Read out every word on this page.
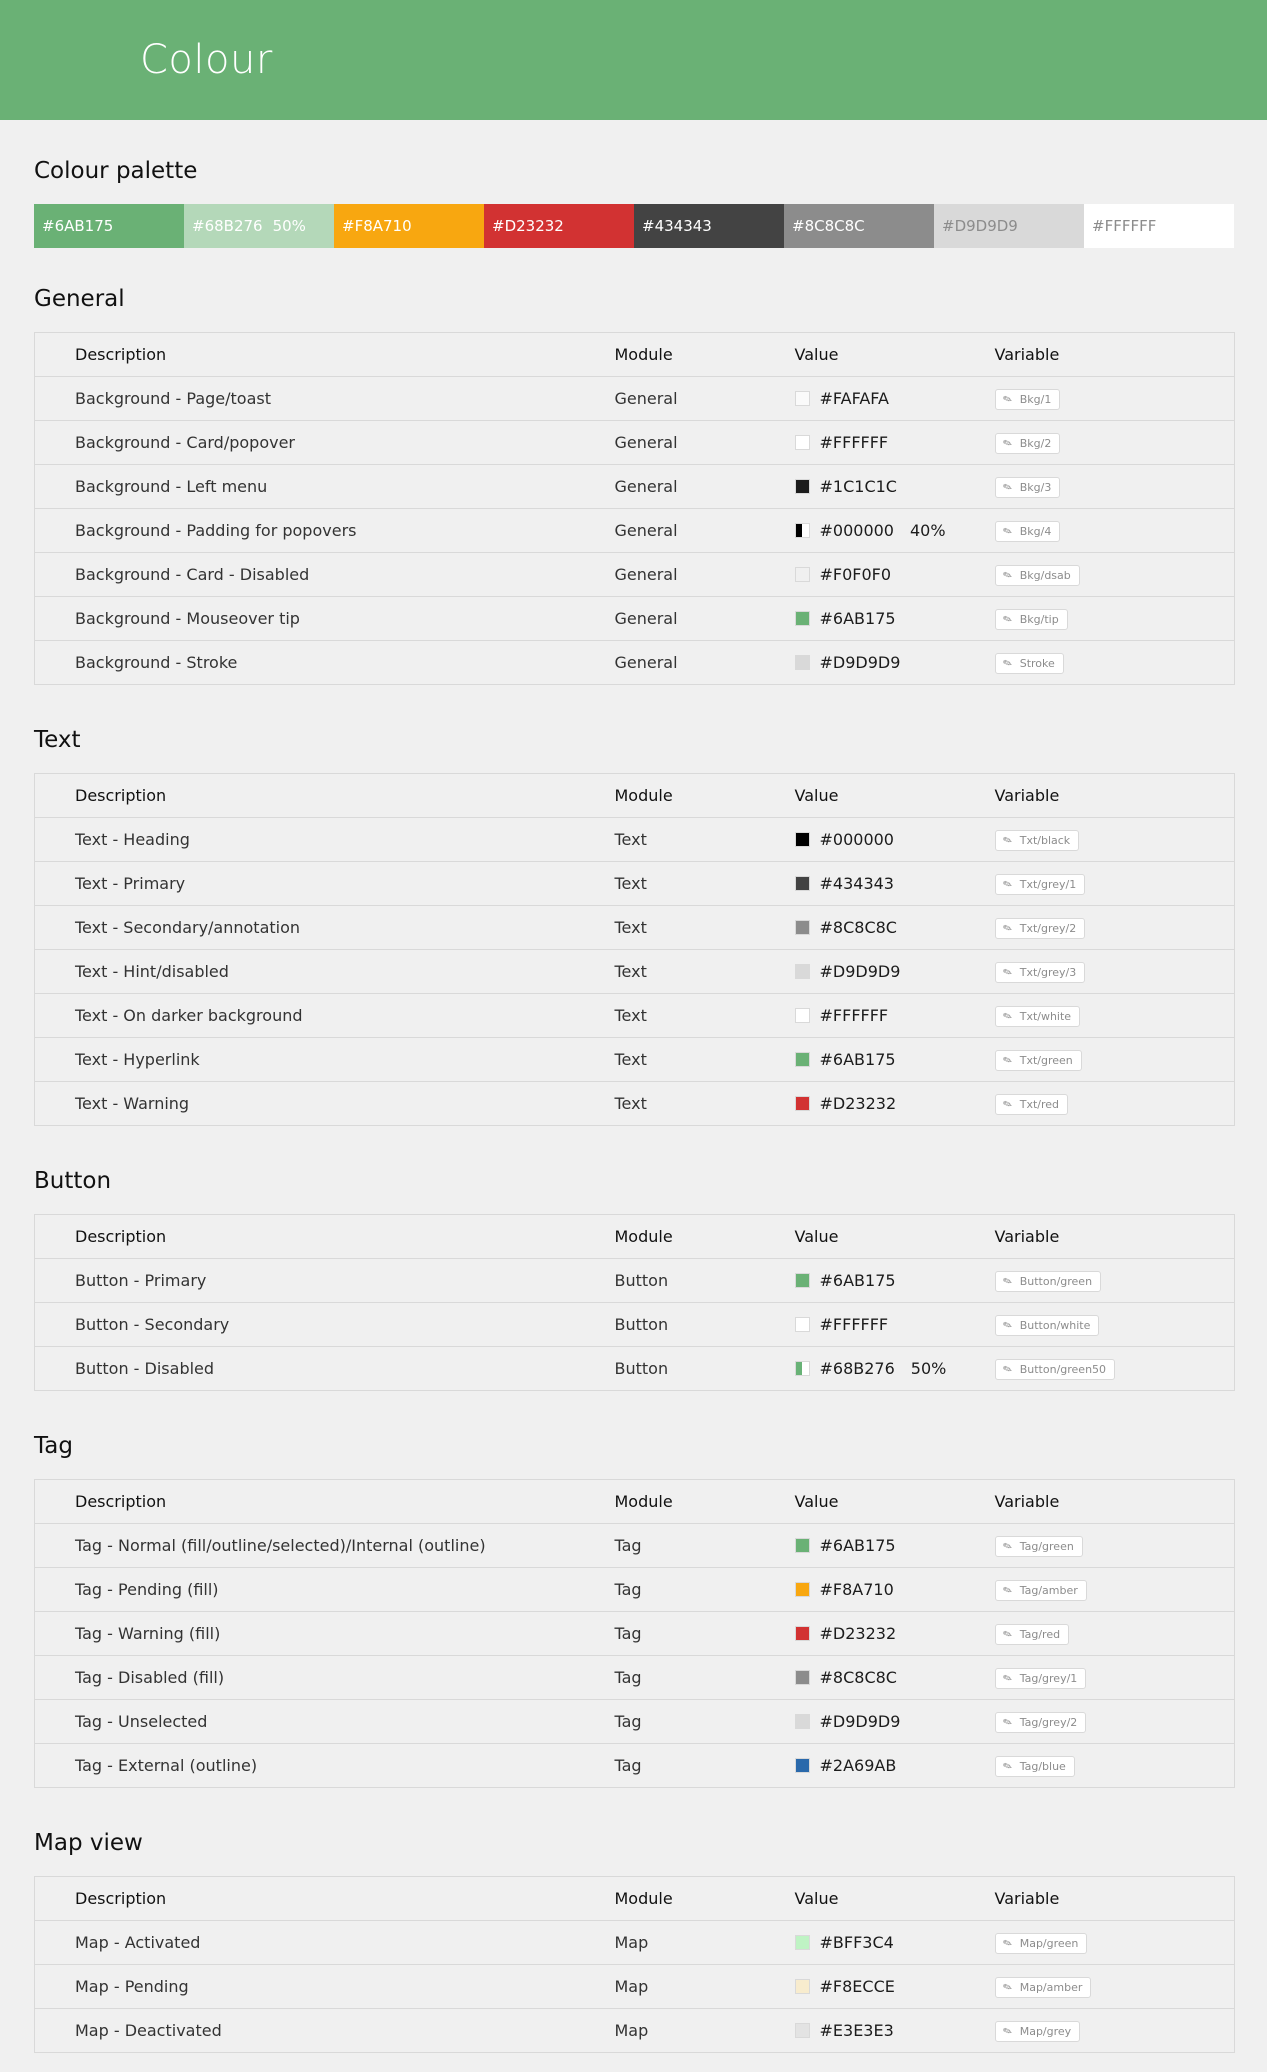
Colour
Colour palette
#6AB175	#68B276 50% #F8A710	#D23232	#434343	#8C8C8C	#D9D9D9	#FFFFFF
General
Description	Module	Value	Variable
Background - Page/toast	General	#FAFAFA	✎ Bkg/1

Background - Card/popover	General	#FFFFFF	✎ Bkg/2

Background - Left menu	General	#1C1C1C	✎ Bkg/3

Background - Padding for popovers	General	#000000 40%	✎ Bkg/4

Background - Card - Disabled	General	#F0F0F0	✎ Bkg/dsab

Background - Mouseover tip	General	#6AB175	✎ Bkg/tip

Background - Stroke	General	#D9D9D9	✎ Stroke
Text
Description	Module	Value	Variable
Text - Heading	Text	#000000	✎ Txt/black

Text - Primary	Text	#434343	✎ Txt/grey/1

Text - Secondary/annotation	Text	#8C8C8C	✎ Txt/grey/2

Text - Hint/disabled	Text	#D9D9D9	✎ Txt/grey/3

Text - On darker background	Text	#FFFFFF	✎ Txt/white

Text - Hyperlink	Text	#6AB175	✎ Txt/green

Text - Warning	Text	#D23232	✎ Txt/red
Button
Description	Module	Value	Variable
Button - Primary	Button	#6AB175	✎ Button/green

Button - Secondary	Button	#FFFFFF	✎ Button/white

Button - Disabled	Button	#68B276 50%	✎ Button/green50
Tag
Description	Module	Value	Variable
Tag - Normal (fill/outline/selected)/Internal (outline)	Tag	#6AB175	✎ Tag/green

Tag - Pending (fill)	Tag	#F8A710	✎ Tag/amber

Tag - Warning (fill)	Tag	#D23232	✎ Tag/red

Tag - Disabled (fill)	Tag	#8C8C8C	✎ Tag/grey/1

Tag - Unselected	Tag	#D9D9D9	✎ Tag/grey/2

Tag - External (outline)	Tag	#2A69AB	✎ Tag/blue
Map view
Description	Module	Value	Variable
Map - Activated	Map	#BFF3C4	✎ Map/green

Map - Pending	Map	#F8ECCE	✎ Map/amber

Map - Deactivated	Map	#E3E3E3	✎ Map/grey
